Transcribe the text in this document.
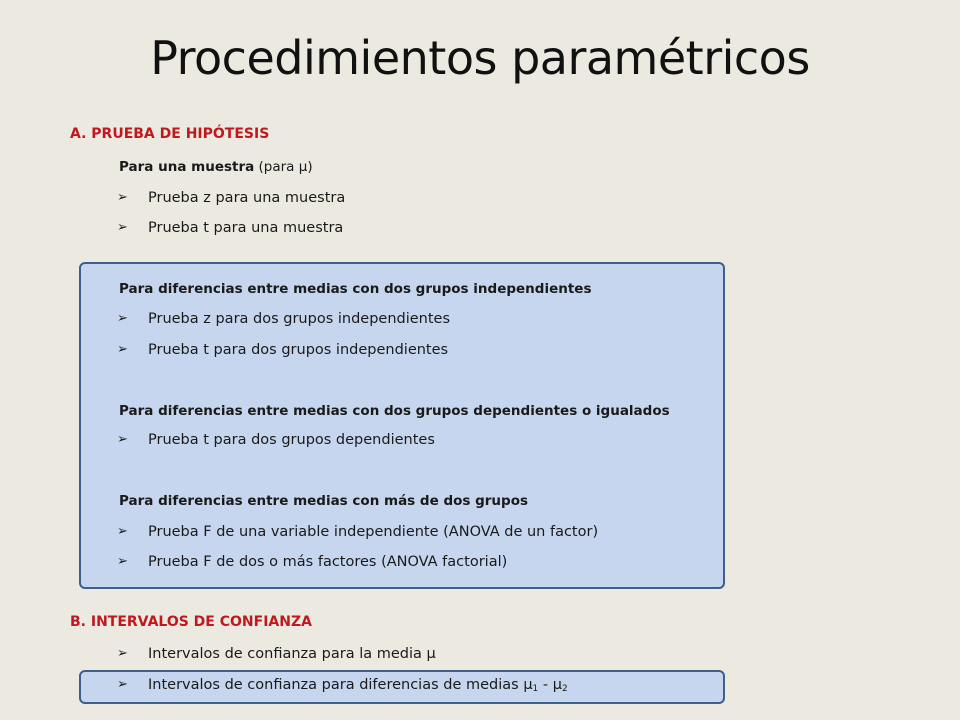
Procedimientos paramétricos
A. PRUEBA DE HIPÓTESIS
Para una muestra (para μ)
➢ Prueba z para una muestra
➢ Prueba t para una muestra
Para diferencias entre medias con dos grupos independientes
➢ Prueba z para dos grupos independientes
➢ Prueba t para dos grupos independientes
Para diferencias entre medias con dos grupos dependientes o igualados
➢ Prueba t para dos grupos dependientes
Para diferencias entre medias con más de dos grupos
➢ Prueba F de una variable independiente (ANOVA de un factor)
➢ Prueba F de dos o más factores (ANOVA factorial)
B. INTERVALOS DE CONFIANZA
➢ Intervalos de confianza para la media μ
➢ Intervalos de confianza para diferencias de medias $\mu_1 - \mu_2$
